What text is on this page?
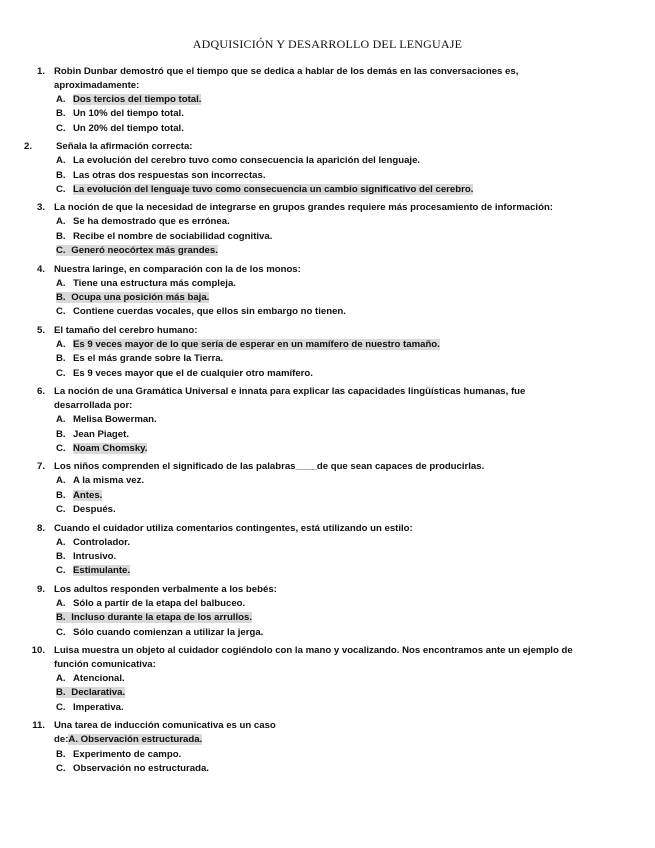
ADQUISICIÓN Y DESARROLLO DEL LENGUAJE
1. Robin Dunbar demostró que el tiempo que se dedica a hablar de los demás en las conversaciones es, aproximadamente:
A. Dos tercios del tiempo total.
B. Un 10% del tiempo total.
C. Un 20% del tiempo total.
2.	Señala la afirmación correcta:
A. La evolución del cerebro tuvo como consecuencia la aparición del lenguaje.
B. Las otras dos respuestas son incorrectas.
C. La evolución del lenguaje tuvo como consecuencia un cambio significativo del cerebro.
3. La noción de que la necesidad de integrarse en grupos grandes requiere más procesamiento de información:
A. Se ha demostrado que es errónea.
B. Recibe el nombre de sociabilidad cognitiva.
C. Generó neocórtex más grandes.
4. Nuestra laringe, en comparación con la de los monos:
A. Tiene una estructura más compleja.
B. Ocupa una posición más baja.
C. Contiene cuerdas vocales, que ellos sin embargo no tienen.
5. El tamaño del cerebro humano:
A. Es 9 veces mayor de lo que sería de esperar en un mamífero de nuestro tamaño.
B. Es el más grande sobre la Tierra.
C. Es 9 veces mayor que el de cualquier otro mamífero.
6. La noción de una Gramática Universal e innata para explicar las capacidades lingüísticas humanas, fue desarrollada por:
A. Melisa Bowerman.
B. Jean Piaget.
C. Noam Chomsky.
7. Los niños comprenden el significado de las palabras____de que sean capaces de producirlas.
A. A la misma vez.
B. Antes.
C. Después.
8. Cuando el cuidador utiliza comentarios contingentes, está utilizando un estilo:
A. Controlador.
B. Intrusivo.
C. Estimulante.
9. Los adultos responden verbalmente a los bebés:
A. Sólo a partir de la etapa del balbuceo.
B. Incluso durante la etapa de los arrullos.
C. Sólo cuando comienzan a utilizar la jerga.
10. Luisa muestra un objeto al cuidador cogiéndolo con la mano y vocalizando. Nos encontramos ante un ejemplo de función comunicativa:
A. Atencional.
B. Declarativa.
C. Imperativa.
11. Una tarea de inducción comunicativa es un caso
de:A. Observación estructurada.
B. Experimento de campo.
C. Observación no estructurada.
